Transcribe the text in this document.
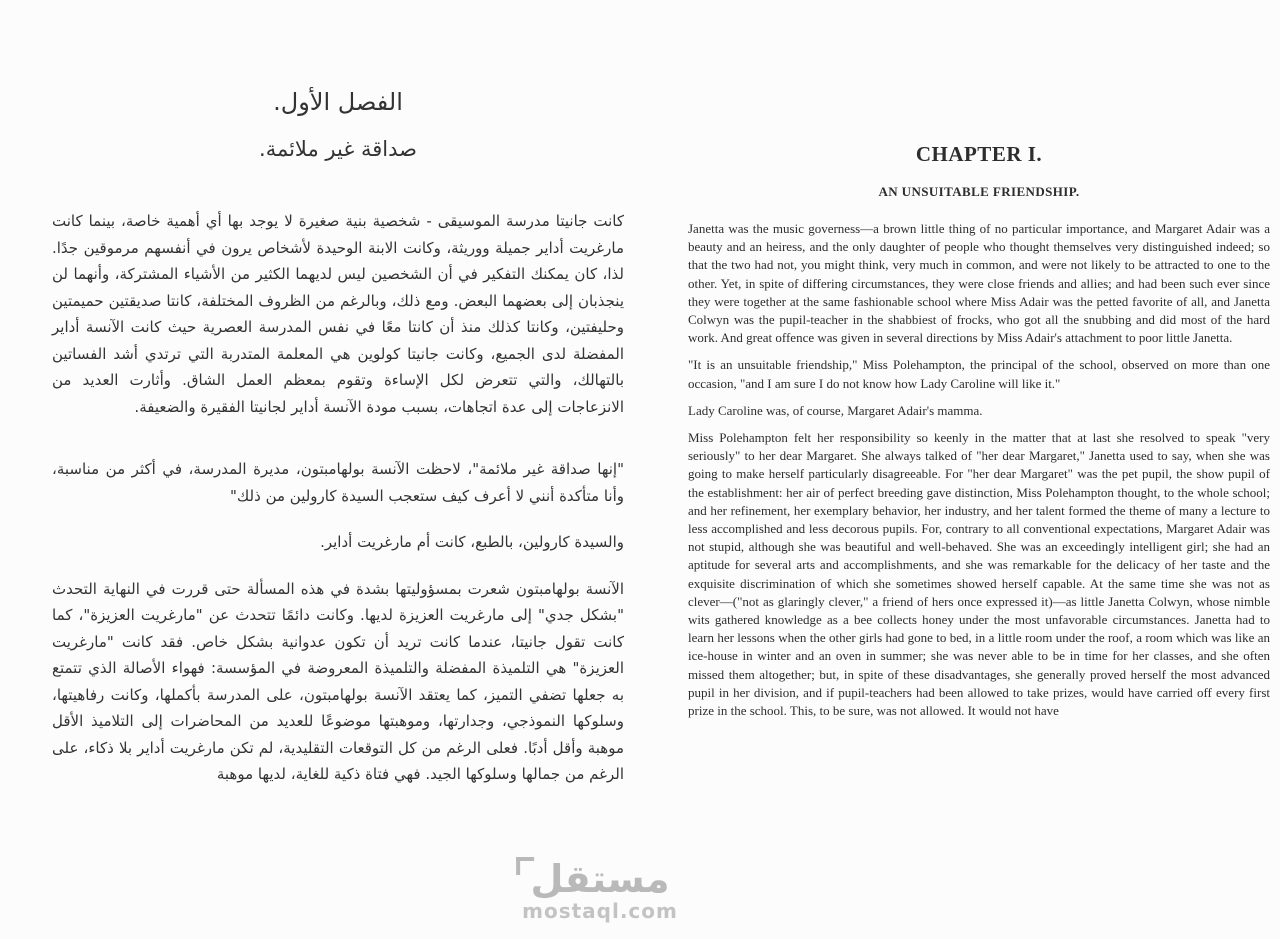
الفصل الأول.
صداقة غير ملائمة.

كانت جانيتا مدرسة الموسيقى - شخصية بنية صغيرة لا يوجد بها أي أهمية خاصة، بينما كانت مارغريت أداير جميلة ووريثة، وكانت الابنة الوحيدة لأشخاص يرون في أنفسهم مرموقين جدًا. لذا، كان يمكنك التفكير في أن الشخصين ليس لديهما الكثير من الأشياء المشتركة، وأنهما لن ينجذبان إلى بعضهما البعض. ومع ذلك، وبالرغم من الظروف المختلفة، كانتا صديقتين حميمتين وحليفتين، وكانتا كذلك منذ أن كانتا معًا في نفس المدرسة العصرية حيث كانت الآنسة أداير المفضلة لدى الجميع، وكانت جانيتا كولوين هي المعلمة المتدربة التي ترتدي أشد الفساتين بالتهالك، والتي تتعرض لكل الإساءة وتقوم بمعظم العمل الشاق. وأثارت العديد من الانزعاجات إلى عدة اتجاهات، بسبب مودة الآنسة أداير لجانيتا الفقيرة والضعيفة.

"إنها صداقة غير ملائمة"، لاحظت الآنسة بولهامبتون، مديرة المدرسة، في أكثر من مناسبة، وأنا متأكدة أنني لا أعرف كيف ستعجب السيدة كارولين من ذلك"

والسيدة كارولين، بالطبع، كانت أم مارغريت أداير.

الآنسة بولهامبتون شعرت بمسؤوليتها بشدة في هذه المسألة حتى قررت في النهاية التحدث "بشكل جدي" إلى مارغريت العزيزة لديها. وكانت دائمًا تتحدث عن "مارغريت العزيزة"، كما كانت تقول جانيتا، عندما كانت تريد أن تكون عدوانية بشكل خاص. فقد كانت "مارغريت العزيزة" هي التلميذة المفضلة والتلميذة المعروضة في المؤسسة: فهواء الأصالة الذي تتمتع به جعلها تضفي التميز، كما يعتقد الآنسة بولهامبتون، على المدرسة بأكملها، وكانت رفاهيتها، وسلوكها النموذجي، وجدارتها، وموهبتها موضوعًا للعديد من المحاضرات إلى التلاميذ الأقل موهبة وأقل أدبًا. فعلى الرغم من كل التوقعات التقليدية، لم تكن مارغريت أداير بلا ذكاء، على الرغم من جمالها وسلوكها الجيد. فهي فتاة ذكية للغاية، لديها موهبة

CHAPTER I.
AN UNSUITABLE FRIENDSHIP.

Janetta was the music governess—a brown little thing of no particular importance, and Margaret Adair was a beauty and an heiress, and the only daughter of people who thought themselves very distinguished indeed; so that the two had not, you might think, very much in common, and were not likely to be attracted to one to the other. Yet, in spite of differing circumstances, they were close friends and allies; and had been such ever since they were together at the same fashionable school where Miss Adair was the petted favorite of all, and Janetta Colwyn was the pupil-teacher in the shabbiest of frocks, who got all the snubbing and did most of the hard work. And great offence was given in several directions by Miss Adair's attachment to poor little Janetta.

"It is an unsuitable friendship," Miss Polehampton, the principal of the school, observed on more than one occasion, "and I am sure I do not know how Lady Caroline will like it."

Lady Caroline was, of course, Margaret Adair's mamma.

Miss Polehampton felt her responsibility so keenly in the matter that at last she resolved to speak "very seriously" to her dear Margaret. She always talked of "her dear Margaret," Janetta used to say, when she was going to make herself particularly disagreeable. For "her dear Margaret" was the pet pupil, the show pupil of the establishment: her air of perfect breeding gave distinction, Miss Polehampton thought, to the whole school; and her refinement, her exemplary behavior, her industry, and her talent formed the theme of many a lecture to less accomplished and less decorous pupils. For, contrary to all conventional expectations, Margaret Adair was not stupid, although she was beautiful and well-behaved. She was an exceedingly intelligent girl; she had an aptitude for several arts and accomplishments, and she was remarkable for the delicacy of her taste and the exquisite discrimination of which she sometimes showed herself capable. At the same time she was not as clever—("not as glaringly clever," a friend of hers once expressed it)—as little Janetta Colwyn, whose nimble wits gathered knowledge as a bee collects honey under the most unfavorable circumstances. Janetta had to learn her lessons when the other girls had gone to bed, in a little room under the roof, a room which was like an ice-house in winter and an oven in summer; she was never able to be in time for her classes, and she often missed them altogether; but, in spite of these disadvantages, she generally proved herself the most advanced pupil in her division, and if pupil-teachers had been allowed to take prizes, would have carried off every first prize in the school. This, to be sure, was not allowed. It would not have

مستقل
mostaql.com
